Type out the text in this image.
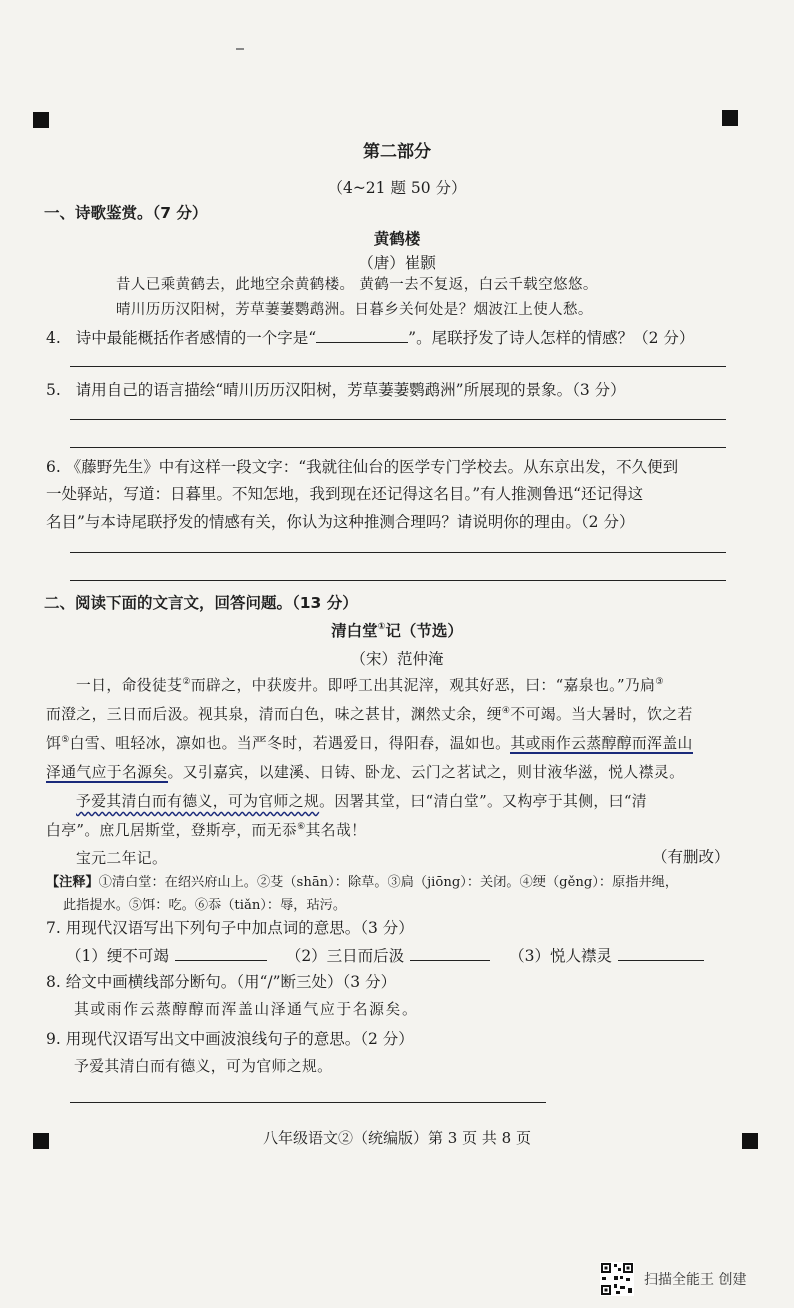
第二部分
（4~21 题 50 分）
一、诗歌鉴赏。（7 分）
黄鹤楼
（唐）崔颢
昔人已乘黄鹤去，此地空余黄鹤楼。 黄鹤一去不复返，白云千载空悠悠。
晴川历历汉阳树，芳草萋萋鹦鹉洲。日暮乡关何处是？烟波江上使人愁。
4. 诗中最能概括作者感情的一个字是“	”。尾联抒发了诗人怎样的情感？（2 分）
5. 请用自己的语言描绘“晴川历历汉阳树，芳草萋萋鹦鹉洲”所展现的景象。（3 分）
6. 《藤野先生》中有这样一段文字：“我就往仙台的医学专门学校去。从东京出发，不久便到
一处驿站，写道：日暮里。不知怎地，我到现在还记得这名目。”有人推测鲁迅“还记得这
名目”与本诗尾联抒发的情感有关，你认为这种推测合理吗？请说明你的理由。（2 分）
二、阅读下面的文言文，回答问题。（13 分）
清白堂①记（节选）
（宋）范仲淹
一日，命役徒芟②而辟之，中获废井。即呼工出其泥滓，观其好恶，曰：“嘉泉也。”乃扃③
而澄之，三日而后汲。视其泉，清而白色，味之甚甘，渊然丈余，绠④不可竭。当大暑时，饮之若
饵⑤白雪、咀轻冰，凛如也。当严冬时，若遇爱日，得阳春，温如也。其或雨作云蒸醇醇而浑盖山
泽通气应于名源矣。又引嘉宾，以建溪、日铸、卧龙、云门之茗试之，则甘液华滋，悦人襟灵。
予爱其清白而有德义，可为官师之规。因署其堂，曰“清白堂”。又构亭于其侧，曰“清
白亭”。庶几居斯堂，登斯亭，而无忝⑥其名哉！
宝元二年记。	（有删改）
【注释】①清白堂：在绍兴府山上。②芟（shān）：除草。③扃（jiōng）：关闭。④绠（gěng）：原指井绳，
此指提水。⑤饵：吃。⑥忝（tiǎn）：辱，玷污。
7. 用现代汉语写出下列句子中加点词的意思。（3 分）
（1）绠不可竭	（2）三日而后汲	（3）悦人襟灵
8. 给文中画横线部分断句。（用“/”断三处）（3 分）
其或雨作云蒸醇醇而浑盖山泽通气应于名源矣。
9. 用现代汉语写出文中画波浪线句子的意思。（2 分）
予爱其清白而有德义，可为官师之规。
八年级语文②（统编版）第 3 页 共 8 页
扫描全能王 创建
